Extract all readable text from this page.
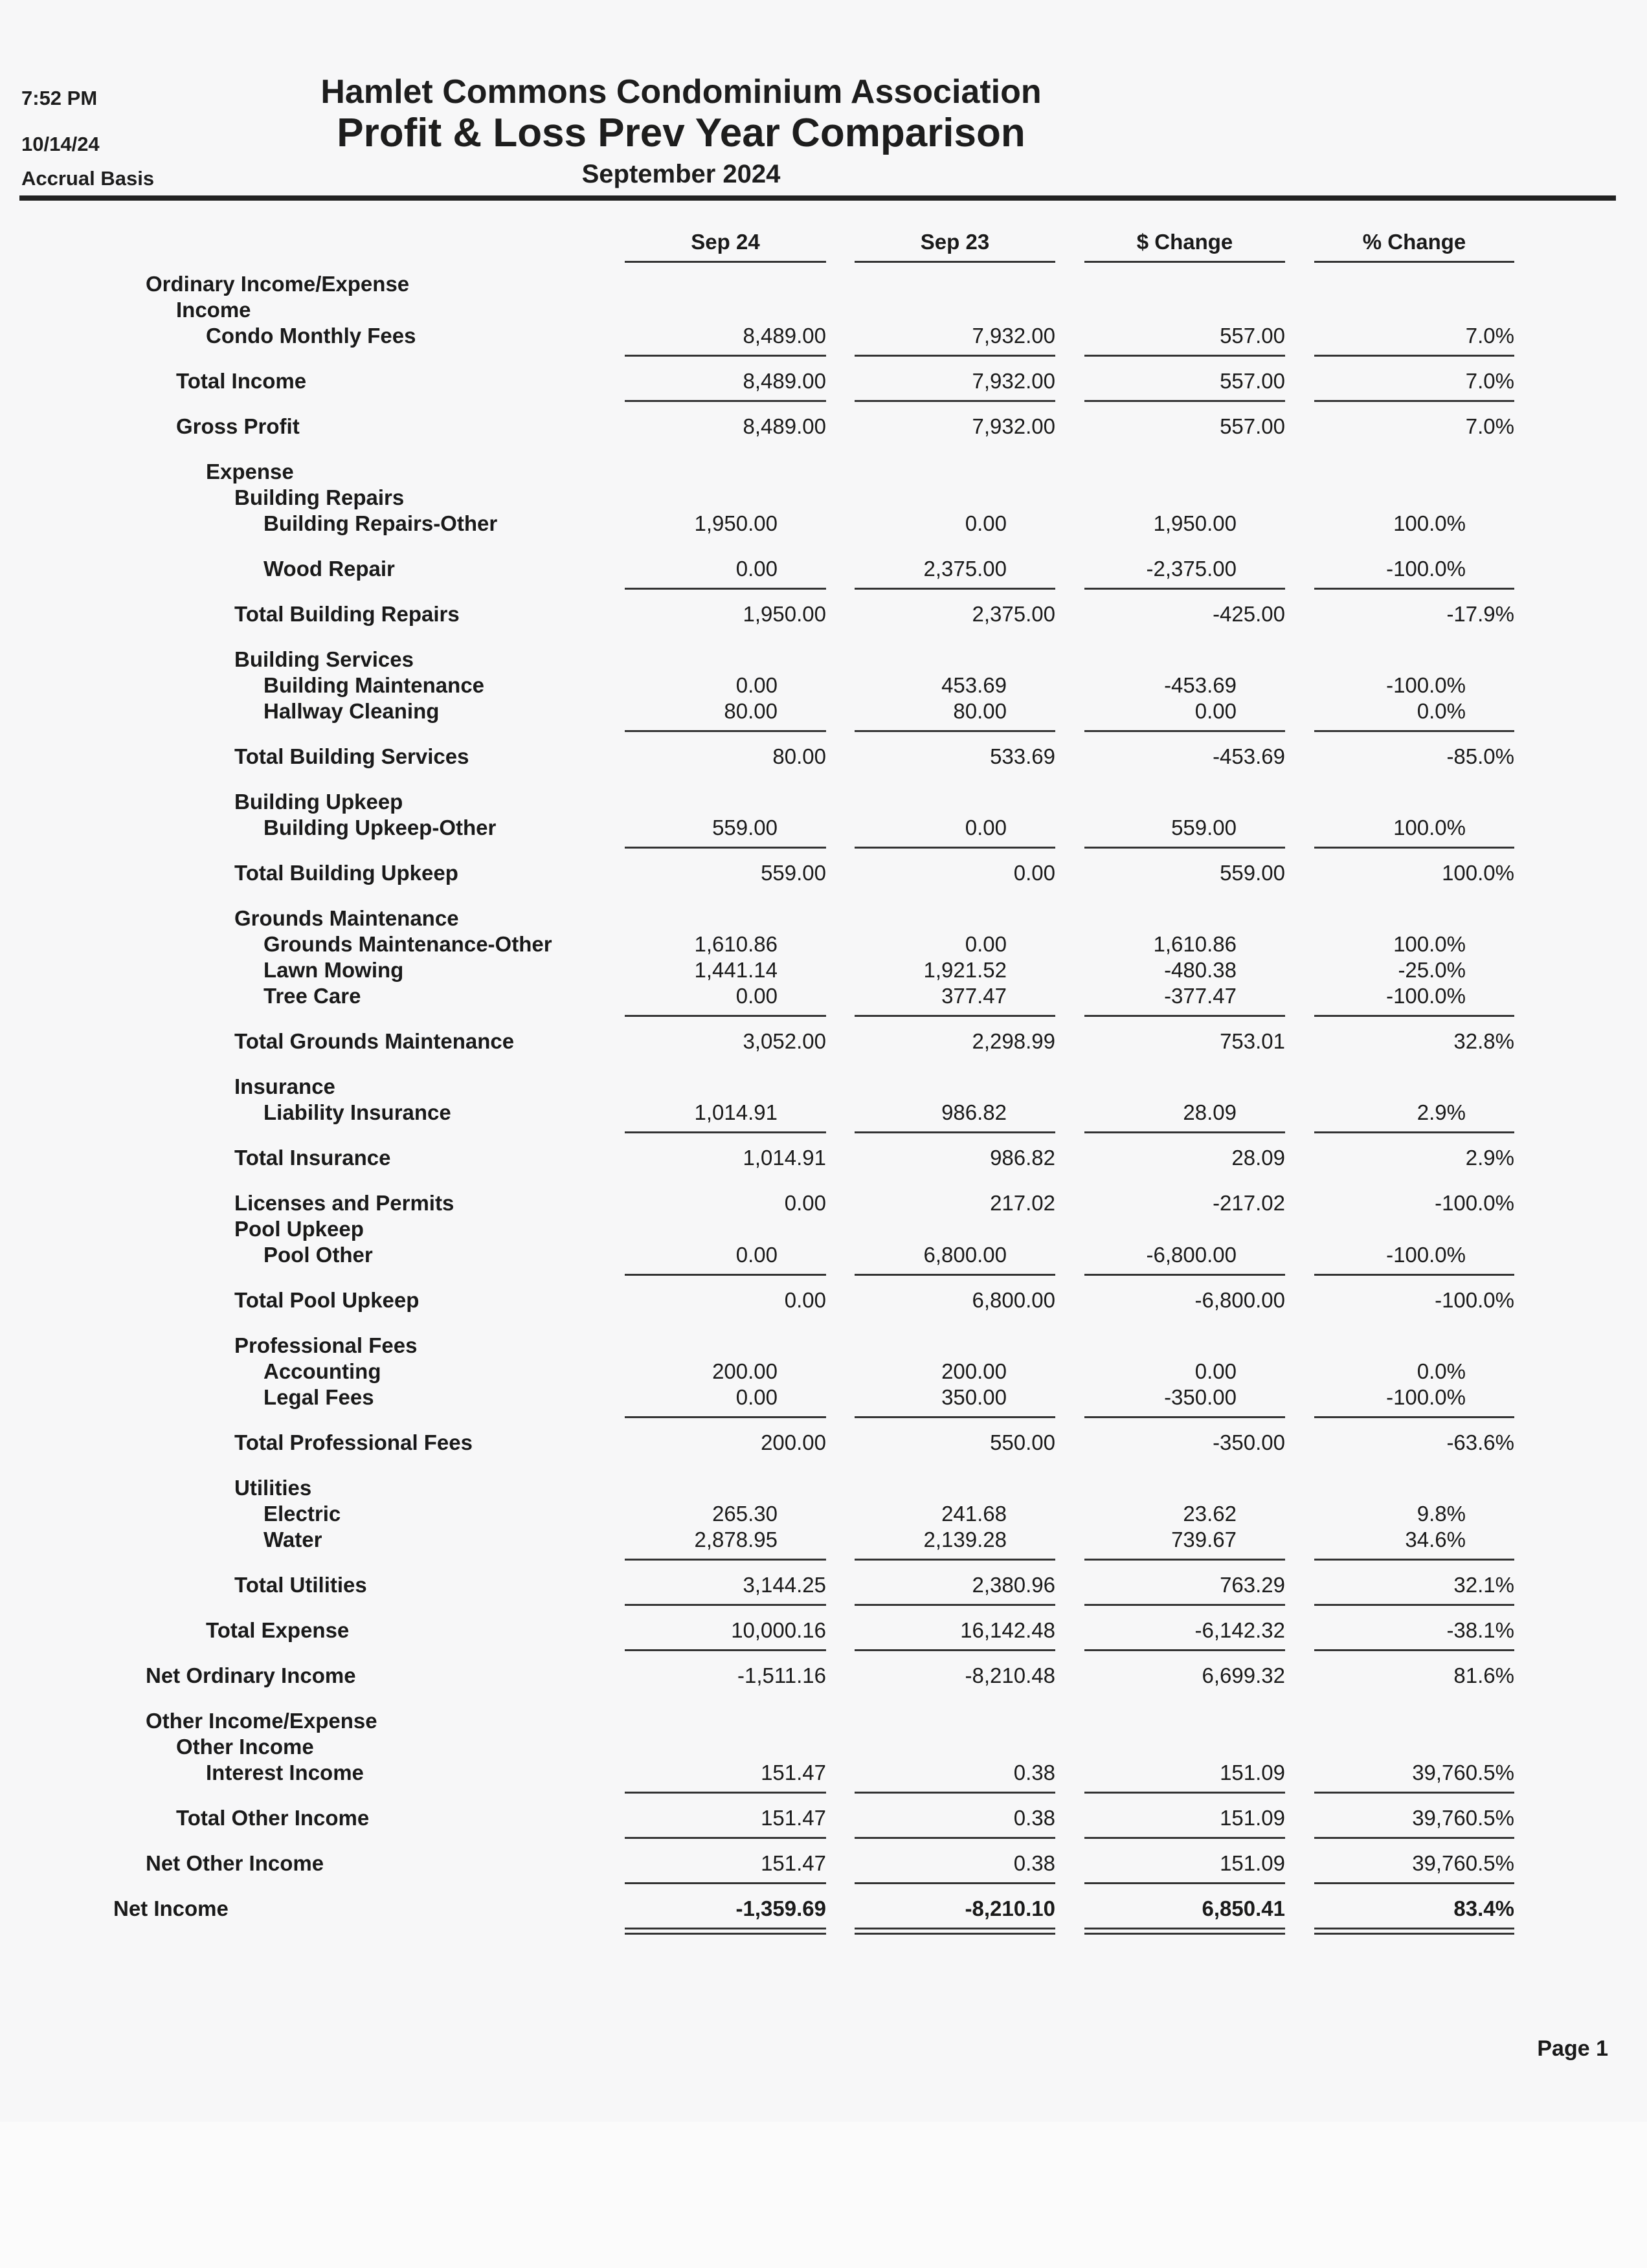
7:52 PM
10/14/24
Accrual Basis
Hamlet Commons Condominium Association
Profit & Loss Prev Year Comparison
September 2024
Sep 24	Sep 23	$ Change	% Change
Ordinary Income/Expense
Income
Condo Monthly Fees	8,489.00	7,932.00	557.00	7.0%
Total Income	8,489.00	7,932.00	557.00	7.0%
Gross Profit	8,489.00	7,932.00	557.00	7.0%
Expense
Building Repairs
Building Repairs-Other	1,950.00	0.00	1,950.00	100.0%
Wood Repair	0.00	2,375.00	-2,375.00	-100.0%
Total Building Repairs	1,950.00	2,375.00	-425.00	-17.9%
Building Services
Building Maintenance	0.00	453.69	-453.69	-100.0%
Hallway Cleaning	80.00	80.00	0.00	0.0%
Total Building Services	80.00	533.69	-453.69	-85.0%
Building Upkeep
Building Upkeep-Other	559.00	0.00	559.00	100.0%
Total Building Upkeep	559.00	0.00	559.00	100.0%
Grounds Maintenance
Grounds Maintenance-Other	1,610.86	0.00	1,610.86	100.0%
Lawn Mowing	1,441.14	1,921.52	-480.38	-25.0%
Tree Care	0.00	377.47	-377.47	-100.0%
Total Grounds Maintenance	3,052.00	2,298.99	753.01	32.8%
Insurance
Liability Insurance	1,014.91	986.82	28.09	2.9%
Total Insurance	1,014.91	986.82	28.09	2.9%
Licenses and Permits	0.00	217.02	-217.02	-100.0%
Pool Upkeep
Pool Other	0.00	6,800.00	-6,800.00	-100.0%
Total Pool Upkeep	0.00	6,800.00	-6,800.00	-100.0%
Professional Fees
Accounting	200.00	200.00	0.00	0.0%
Legal Fees	0.00	350.00	-350.00	-100.0%
Total Professional Fees	200.00	550.00	-350.00	-63.6%
Utilities
Electric	265.30	241.68	23.62	9.8%
Water	2,878.95	2,139.28	739.67	34.6%
Total Utilities	3,144.25	2,380.96	763.29	32.1%
Total Expense	10,000.16	16,142.48	-6,142.32	-38.1%
Net Ordinary Income	-1,511.16	-8,210.48	6,699.32	81.6%
Other Income/Expense
Other Income
Interest Income	151.47	0.38	151.09	39,760.5%
Total Other Income	151.47	0.38	151.09	39,760.5%
Net Other Income	151.47	0.38	151.09	39,760.5%
Net Income	-1,359.69	-8,210.10	6,850.41	83.4%
Page 1
